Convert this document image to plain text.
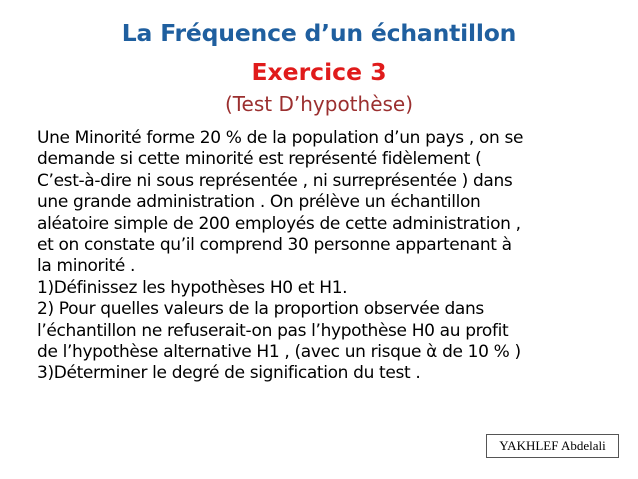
La Fréquence d’un échantillon
Exercice 3
(Test D’hypothèse)

Une Minorité forme 20 % de la population d’un pays , on se
demande si cette minorité est représenté fidèlement (
C’est-à-dire ni sous représentée , ni surreprésentée ) dans
une grande administration . On prélève un échantillon
aléatoire simple de 200 employés de cette administration ,
et on constate qu’il comprend 30 personne appartenant à
la minorité .

1)Définissez les hypothèses H0 et H1.

2) Pour quelles valeurs de la proportion observée dans
l’échantillon ne refuserait-on pas l’hypothèse H0 au profit
de l’hypothèse alternative H1 , (avec un risque ὰ de 10 % )

3)Déterminer le degré de signification du test .

YAKHLEF Abdelali
